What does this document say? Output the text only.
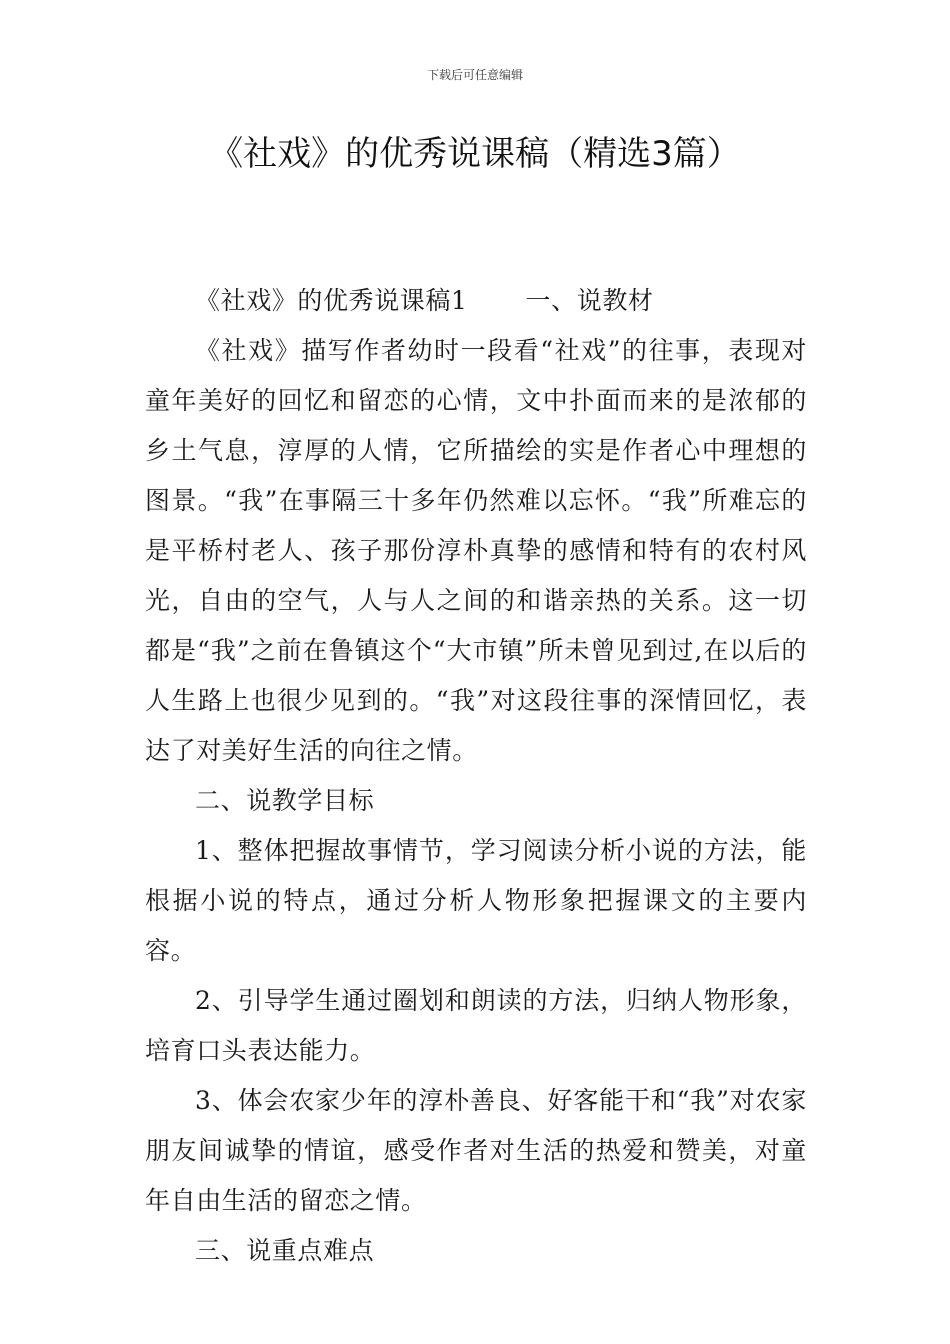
下载后可任意编辑
《社戏》的优秀说课稿（精选3篇）

《社戏》的优秀说课稿1 一、说教材

《社戏》描写作者幼时一段看“社戏”的往事，表现对童年美好的回忆和留恋的心情，文中扑面而来的是浓郁的乡土气息，淳厚的人情，它所描绘的实是作者心中理想的图景。“我”在事隔三十多年仍然难以忘怀。“我”所难忘的是平桥村老人、孩子那份淳朴真挚的感情和特有的农村风光，自由的空气，人与人之间的和谐亲热的关系。这一切都是“我”之前在鲁镇这个“大市镇”所未曾见到过,在以后的人生路上也很少见到的。“我”对这段往事的深情回忆，表达了对美好生活的向往之情。

二、说教学目标

1、整体把握故事情节，学习阅读分析小说的方法，能根据小说的特点，通过分析人物形象把握课文的主要内容。

2、引导学生通过圈划和朗读的方法，归纳人物形象，培育口头表达能力。

3、体会农家少年的淳朴善良、好客能干和“我”对农家朋友间诚挚的情谊，感受作者对生活的热爱和赞美，对童年自由生活的留恋之情。

三、说重点难点
